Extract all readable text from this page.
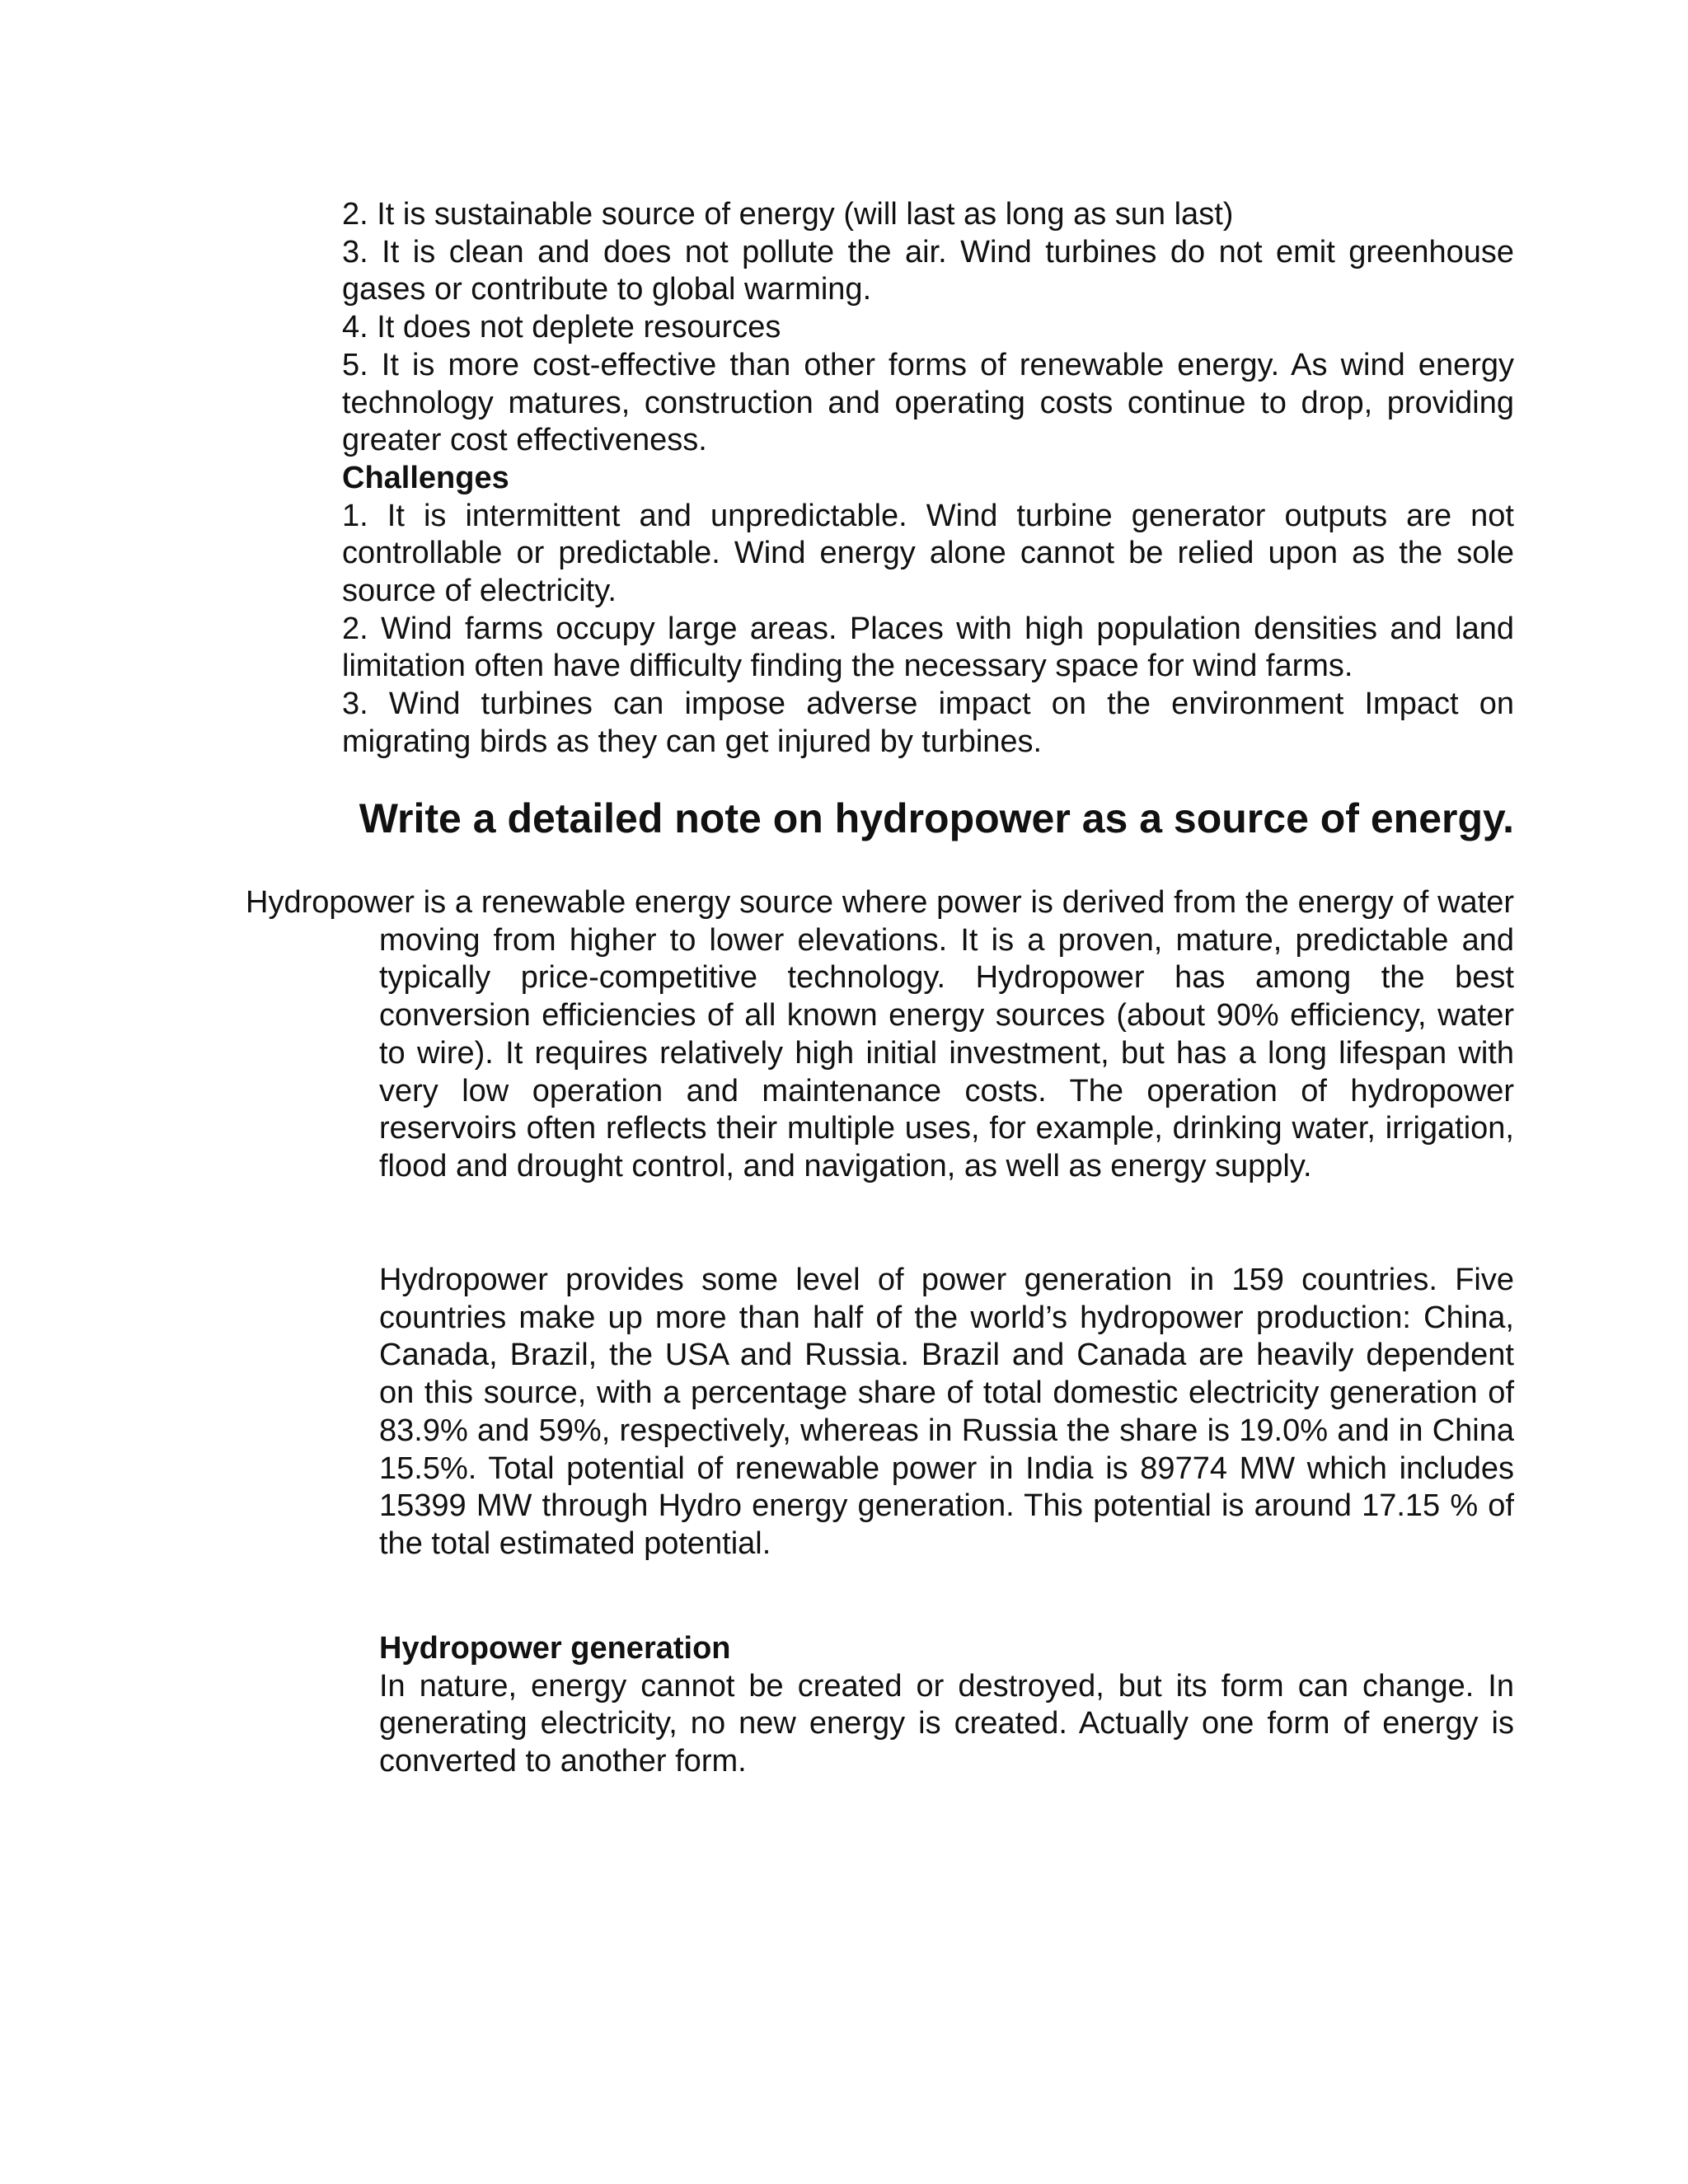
2. It is sustainable source of energy (will last as long as sun last)

3. It is clean and does not pollute the air. Wind turbines do not emit greenhouse gases or contribute to global warming.

4. It does not deplete resources

5. It is more cost-effective than other forms of renewable energy. As wind energy technology matures, construction and operating costs continue to drop, providing greater cost effectiveness.

Challenges

1. It is intermittent and unpredictable. Wind turbine generator outputs are not controllable or predictable. Wind energy alone cannot be relied upon as the sole source of electricity.

2. Wind farms occupy large areas. Places with high population densities and land limitation often have difficulty finding the necessary space for wind farms.

3. Wind turbines can impose adverse impact on the environment Impact on migrating birds as they can get injured by turbines.

Write a detailed note on hydropower as a source of energy.

Hydropower is a renewable energy source where power is derived from the energy of water moving from higher to lower elevations. It is a proven, mature, predictable and typically price-competitive technology. Hydropower has among the best conversion efficiencies of all known energy sources (about 90% efficiency, water to wire). It requires relatively high initial investment, but has a long lifespan with very low operation and maintenance costs. The operation of hydropower reservoirs often reflects their multiple uses, for example, drinking water, irrigation, flood and drought control, and navigation, as well as energy supply.

Hydropower provides some level of power generation in 159 countries. Five countries make up more than half of the world’s hydropower production: China, Canada, Brazil, the USA and Russia. Brazil and Canada are heavily dependent on this source, with a percentage share of total domestic electricity generation of 83.9% and 59%, respectively, whereas in Russia the share is 19.0% and in China 15.5%. Total potential of renewable power in India is 89774 MW which includes 15399 MW through Hydro energy generation. This potential is around 17.15 % of the total estimated potential.

Hydropower generation

In nature, energy cannot be created or destroyed, but its form can change. In generating electricity, no new energy is created. Actually one form of energy is converted to another form.
